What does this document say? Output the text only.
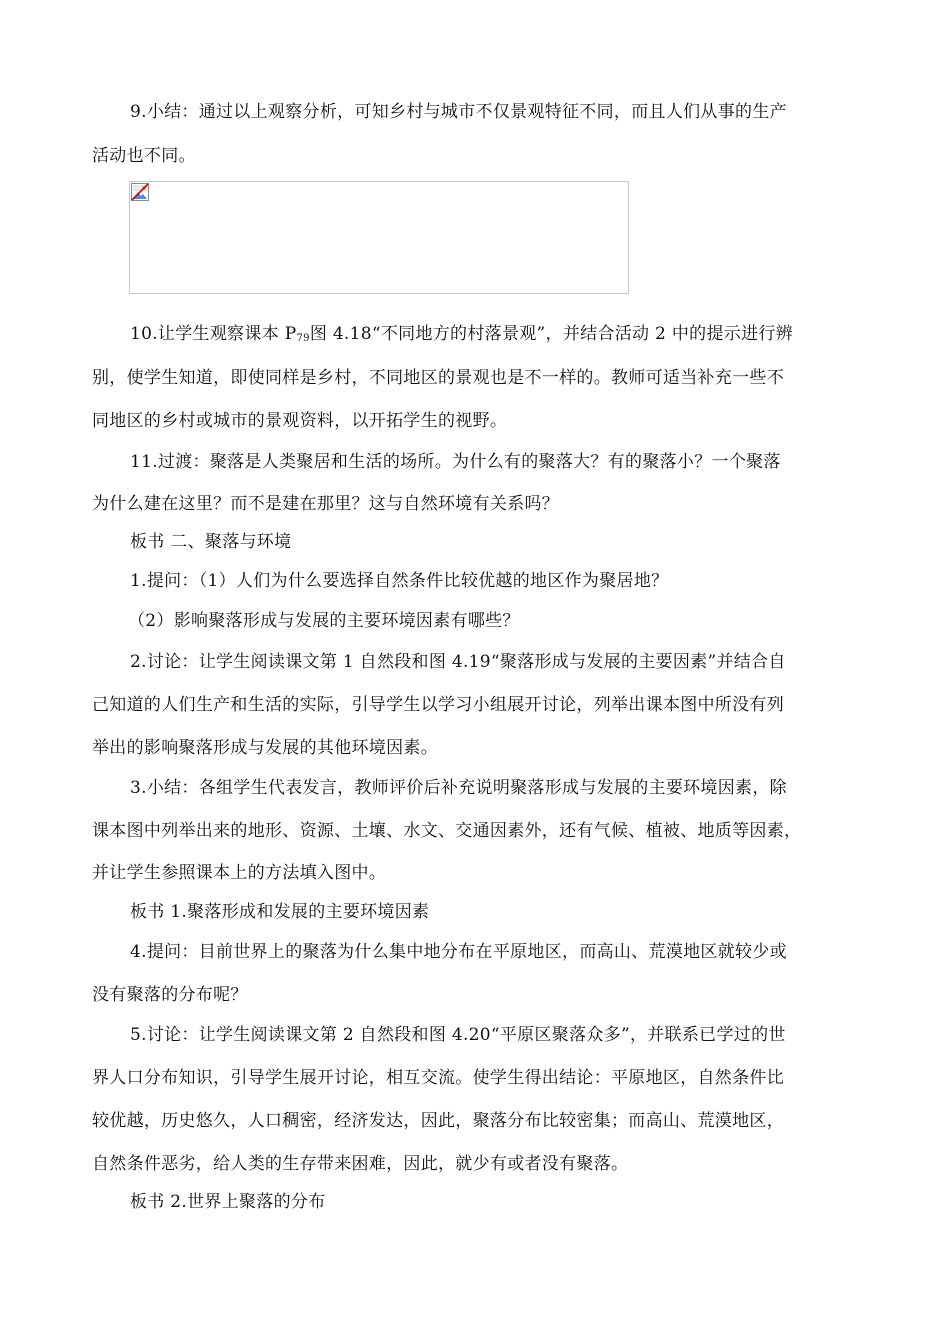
9.小结：通过以上观察分析，可知乡村与城市不仅景观特征不同，而且人们从事的生产
活动也不同。
10.让学生观察课本 $P_{79}$图 4.18“不同地方的村落景观”，并结合活动 2 中的提示进行辨
别，使学生知道，即使同样是乡村，不同地区的景观也是不一样的。教师可适当补充一些不
同地区的乡村或城市的景观资料，以开拓学生的视野。
11.过渡：聚落是人类聚居和生活的场所。为什么有的聚落大？有的聚落小？一个聚落
为什么建在这里？而不是建在那里？这与自然环境有关系吗？
板书 二、聚落与环境
1.提问：（1）人们为什么要选择自然条件比较优越的地区作为聚居地？
（2）影响聚落形成与发展的主要环境因素有哪些？
2.讨论：让学生阅读课文第 1 自然段和图 4.19“聚落形成与发展的主要因素”并结合自
己知道的人们生产和生活的实际，引导学生以学习小组展开讨论，列举出课本图中所没有列
举出的影响聚落形成与发展的其他环境因素。
3.小结：各组学生代表发言，教师评价后补充说明聚落形成与发展的主要环境因素，除
课本图中列举出来的地形、资源、土壤、水文、交通因素外，还有气候、植被、地质等因素，
并让学生参照课本上的方法填入图中。
板书 1.聚落形成和发展的主要环境因素
4.提问：目前世界上的聚落为什么集中地分布在平原地区，而高山、荒漠地区就较少或
没有聚落的分布呢？
5.讨论：让学生阅读课文第 2 自然段和图 4.20“平原区聚落众多”，并联系已学过的世
界人口分布知识，引导学生展开讨论，相互交流。使学生得出结论：平原地区，自然条件比
较优越，历史悠久，人口稠密，经济发达，因此，聚落分布比较密集；而高山、荒漠地区，
自然条件恶劣，给人类的生存带来困难，因此，就少有或者没有聚落。
板书 2.世界上聚落的分布
